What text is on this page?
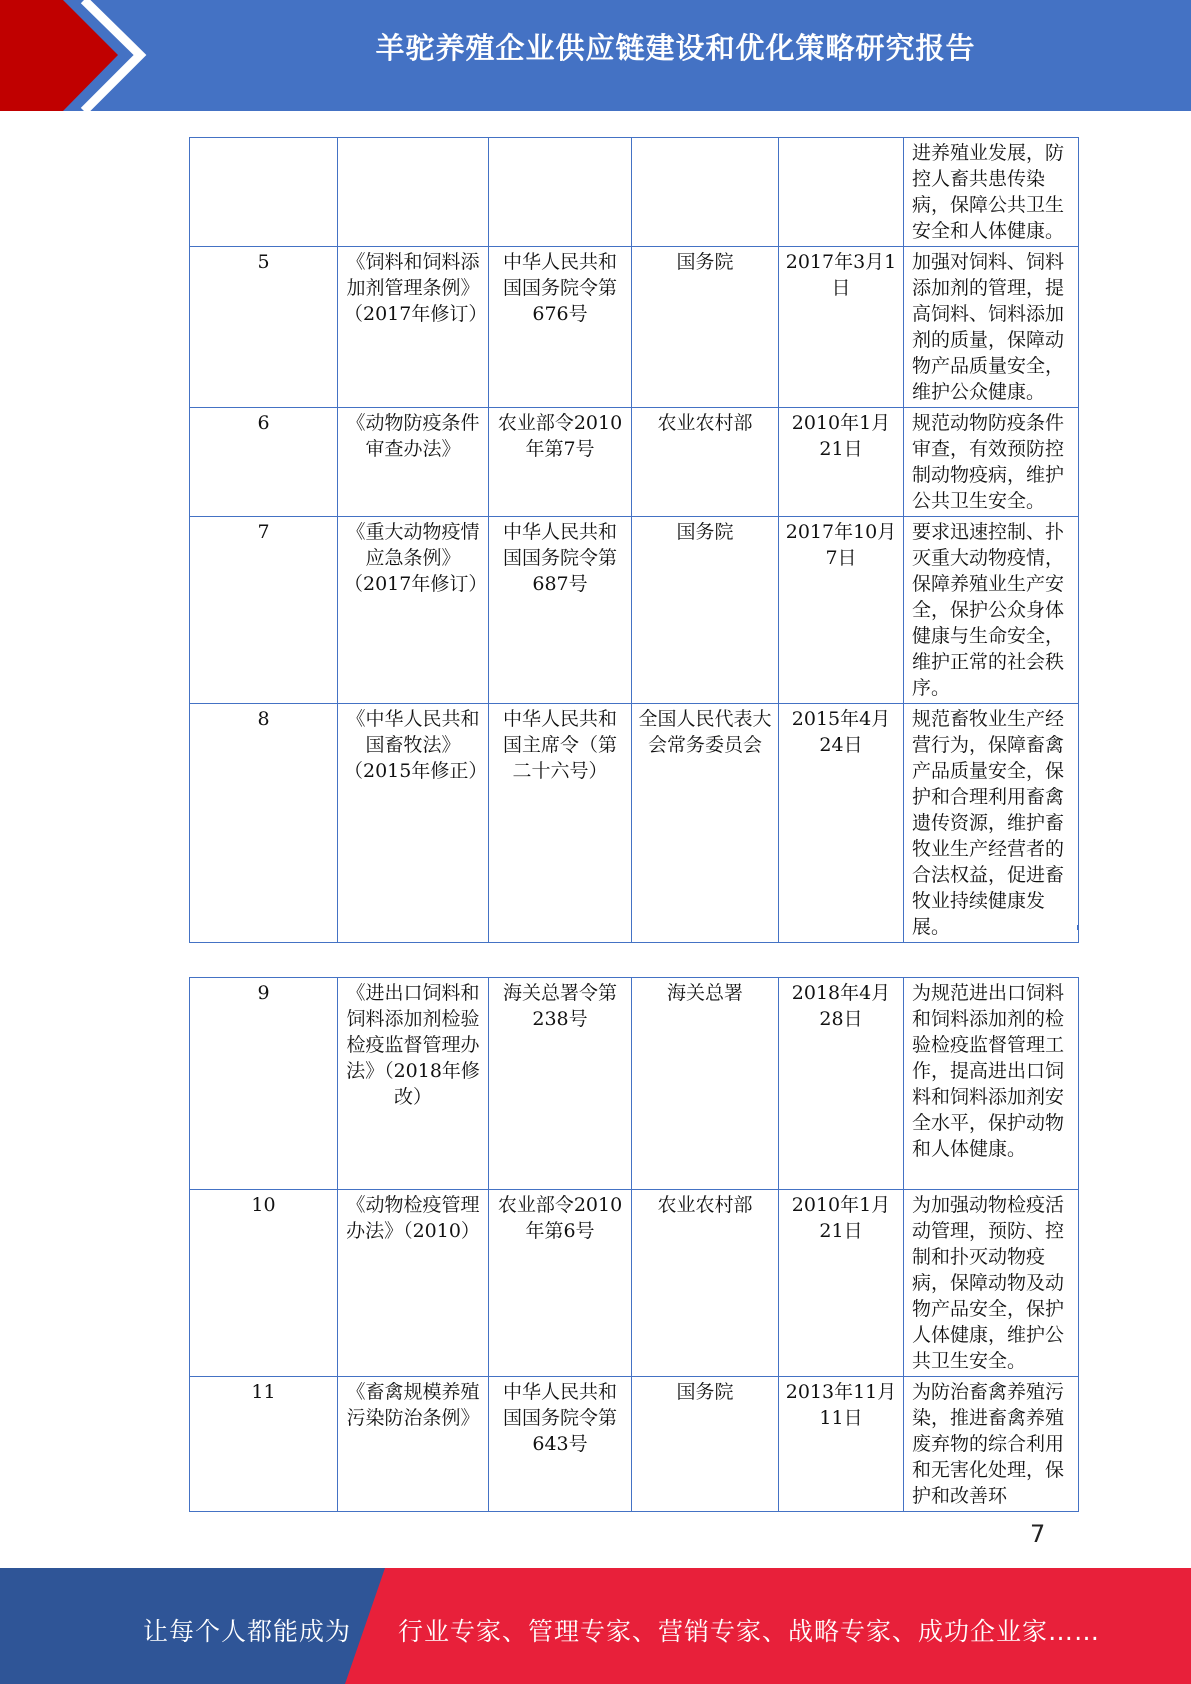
羊驼养殖企业供应链建设和优化策略研究报告
					进养殖业发展，防控人畜共患传染病，保障公共卫生安全和人体健康。
5	《饲料和饲料添加剂管理条例》（2017年修订）	中华人民共和国国务院令第676号	国务院	2017年3月1日	加强对饲料、饲料添加剂的管理，提高饲料、饲料添加剂的质量，保障动物产品质量安全，维护公众健康。
6	《动物防疫条件审查办法》	农业部令2010年第7号	农业农村部	2010年1月21日	规范动物防疫条件审查，有效预防控制动物疫病，维护公共卫生安全。
7	《重大动物疫情应急条例》（2017年修订）	中华人民共和国国务院令第687号	国务院	2017年10月7日	要求迅速控制、扑灭重大动物疫情，保障养殖业生产安全，保护公众身体健康与生命安全，维护正常的社会秩序。
8	《中华人民共和国畜牧法》（2015年修正）	中华人民共和国主席令（第二十六号）	全国人民代表大会常务委员会	2015年4月24日	规范畜牧业生产经营行为，保障畜禽产品质量安全，保护和合理利用畜禽遗传资源，维护畜牧业生产经营者的合法权益，促进畜牧业持续健康发展。
9	《进出口饲料和饲料添加剂检验检疫监督管理办法》（2018年修改）	海关总署令第238号	海关总署	2018年4月28日	为规范进出口饲料和饲料添加剂的检验检疫监督管理工作，提高进出口饲料和饲料添加剂安全水平，保护动物和人体健康。
10	《动物检疫管理办法》（2010）	农业部令2010年第6号	农业农村部	2010年1月21日	为加强动物检疫活动管理，预防、控制和扑灭动物疫病，保障动物及动物产品安全，保护人体健康，维护公共卫生安全。
11	《畜禽规模养殖污染防治条例》	中华人民共和国国务院令第643号	国务院	2013年11月11日	为防治畜禽养殖污染，推进畜禽养殖废弃物的综合利用和无害化处理，保护和改善环
7
让每个人都能成为 行业专家、管理专家、营销专家、战略专家、成功企业家……
